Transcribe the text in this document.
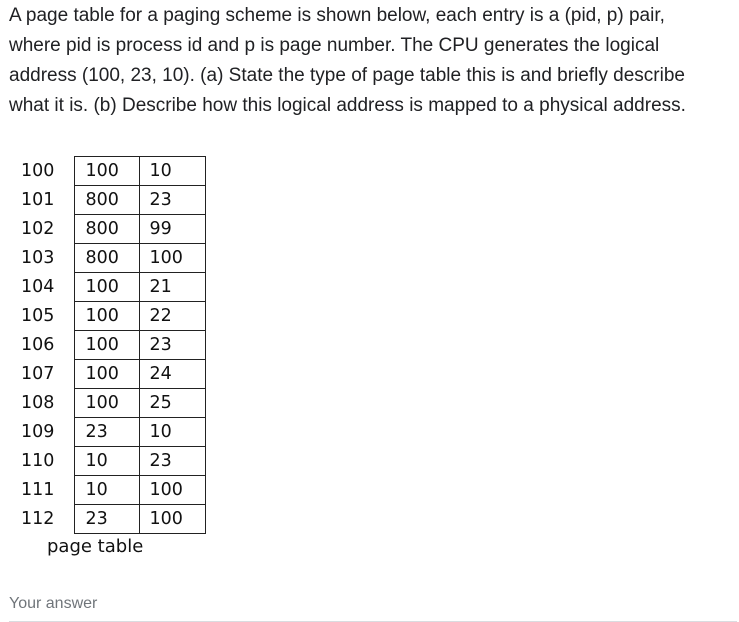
A page table for a paging scheme is shown below, each entry is a (pid, p) pair,
where pid is process id and p is page number. The CPU generates the logical
address (100, 23, 10). (a) State the type of page table this is and briefly describe
what it is. (b) Describe how this logical address is mapped to a physical address.
100	100	10
101	800	23
102	800	99
103	800	100
104	100	21
105	100	22
106	100	23
107	100	24
108	100	25
109	23	10
110	10	23
111	10	100
112	23	100
page table
Your answer
